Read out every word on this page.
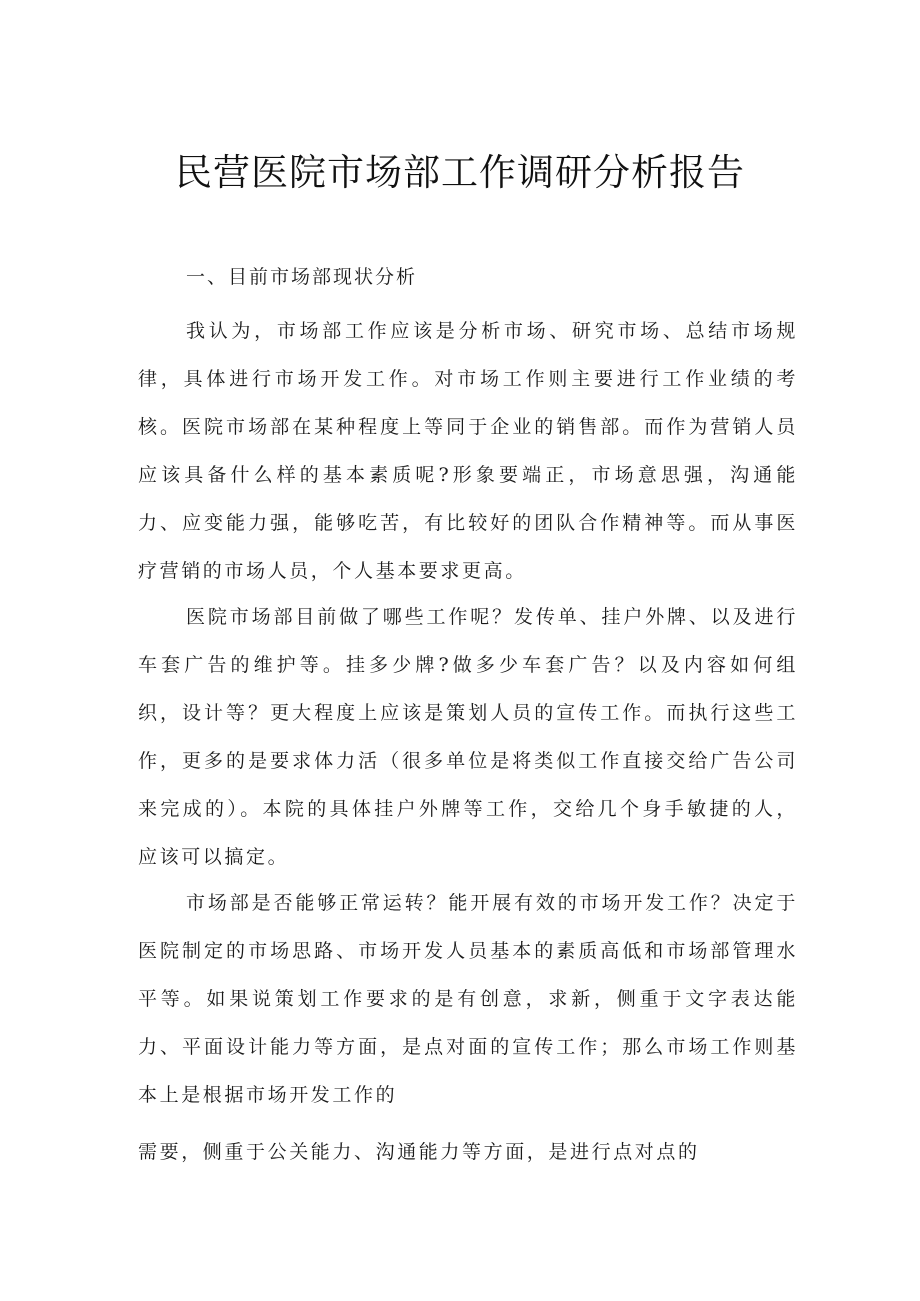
民营医院市场部工作调研分析报告

一、目前市场部现状分析

我认为，市场部工作应该是分析市场、研究市场、总结市场规律，具体进行市场开发工作。对市场工作则主要进行工作业绩的考核。医院市场部在某种程度上等同于企业的销售部。而作为营销人员应该具备什么样的基本素质呢?形象要端正，市场意思强，沟通能力、应变能力强，能够吃苦，有比较好的团队合作精神等。而从事医疗营销的市场人员，个人基本要求更高。

医院市场部目前做了哪些工作呢？发传单、挂户外牌、以及进行车套广告的维护等。挂多少牌?做多少车套广告？以及内容如何组织，设计等？更大程度上应该是策划人员的宣传工作。而执行这些工作，更多的是要求体力活（很多单位是将类似工作直接交给广告公司来完成的）。本院的具体挂户外牌等工作，交给几个身手敏捷的人，应该可以搞定。

市场部是否能够正常运转？能开展有效的市场开发工作？决定于医院制定的市场思路、市场开发人员基本的素质高低和市场部管理水平等。如果说策划工作要求的是有创意，求新，侧重于文字表达能力、平面设计能力等方面，是点对面的宣传工作；那么市场工作则基本上是根据市场开发工作的

需要，侧重于公关能力、沟通能力等方面，是进行点对点的
